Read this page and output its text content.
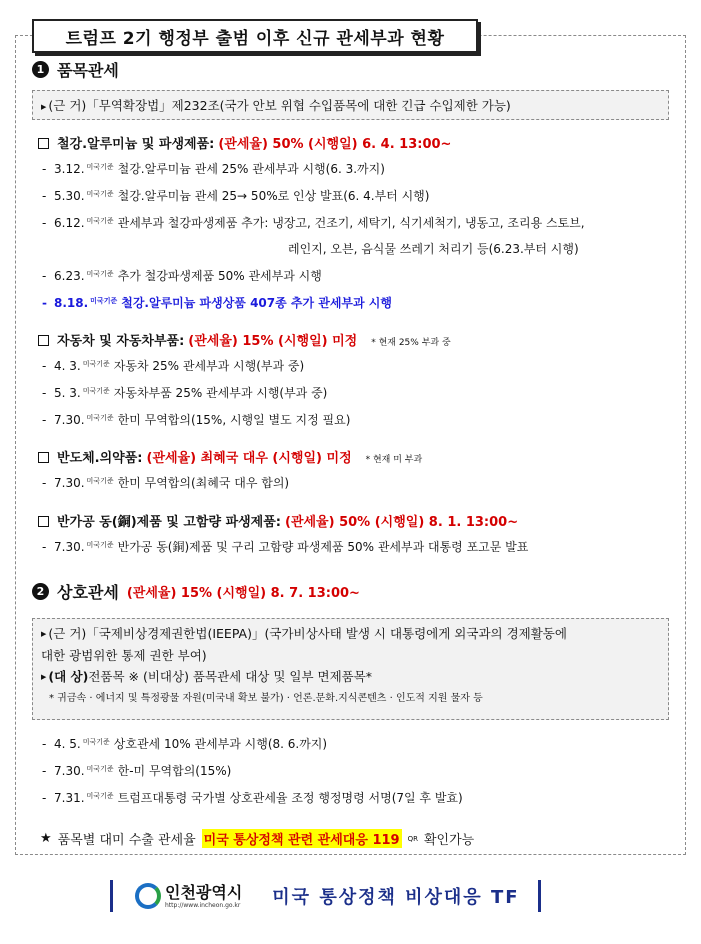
트럼프 2기 행정부 출범 이후 신규 관세부과 현황
1 품목관세
▶ (근 거)「무역확장법」제232조(국가 안보 위협 수입품목에 대한 긴급 수입제한 가능)
철강.알루미늄 및 파생제품: (관세율) 50% (시행일) 6. 4. 13:00~
- 3.12. 미국기준 철강.알루미늄 관세 25% 관세부과 시행(6. 3.까지)
- 5.30. 미국기준 철강.알루미늄 관세 25→ 50%로 인상 발표(6. 4.부터 시행)
- 6.12. 미국기준 관세부과 철강파생제품 추가: 냉장고, 건조기, 세탁기, 식기세척기, 냉동고, 조리용 스토브,
레인지, 오븐, 음식물 쓰레기 처리기 등(6.23.부터 시행)
- 6.23. 미국기준 추가 철강파생제품 50% 관세부과 시행
- 8.18. 미국기준 철강.알루미늄 파생상품 407종 추가 관세부과 시행
자동차 및 자동차부품: (관세율) 15% (시행일) 미정 * 현재 25% 부과 중
- 4. 3. 미국기준 자동차 25% 관세부과 시행(부과 중)
- 5. 3. 미국기준 자동차부품 25% 관세부과 시행(부과 중)
- 7.30. 미국기준 한미 무역합의(15%, 시행일 별도 지정 필요)
반도체.의약품: (관세율) 최혜국 대우 (시행일) 미정 * 현재 미 부과
- 7.30. 미국기준 한미 무역합의(최혜국 대우 합의)
반가공 동(銅)제품 및 고함량 파생제품: (관세율) 50% (시행일) 8. 1. 13:00~
- 7.30. 미국기준 반가공 동(銅)제품 및 구리 고함량 파생제품 50% 관세부과 대통령 포고문 발표
2 상호관세 (관세율) 15% (시행일) 8. 7. 13:00~
▶ (근 거)「국제비상경제권한법(IEEPA)」(국가비상사태 발생 시 대통령에게 외국과의 경제활동에
대한 광범위한 통제 권한 부여)
▶ (대 상)전품목 ※ (비대상) 품목관세 대상 및 일부 면제품목*
* 귀금속 · 에너지 및 특정광물 자원(미국내 확보 불가) · 언론.문화.지식콘텐츠 · 인도적 지원 물자 등
- 4. 5. 미국기준 상호관세 10% 관세부과 시행(8. 6.까지)
- 7.30. 미국기준 한-미 무역합의(15%)
- 7.31. 미국기준 트럼프대통령 국가별 상호관세율 조정 행정명령 서명(7일 후 발효)
★ 품목별 대미 수출 관세율 미국 통상정책 관련 관세대응 119 QR 확인가능
인천광역시
http://www.incheon.go.kr 미국 통상정책 비상대응 TF
